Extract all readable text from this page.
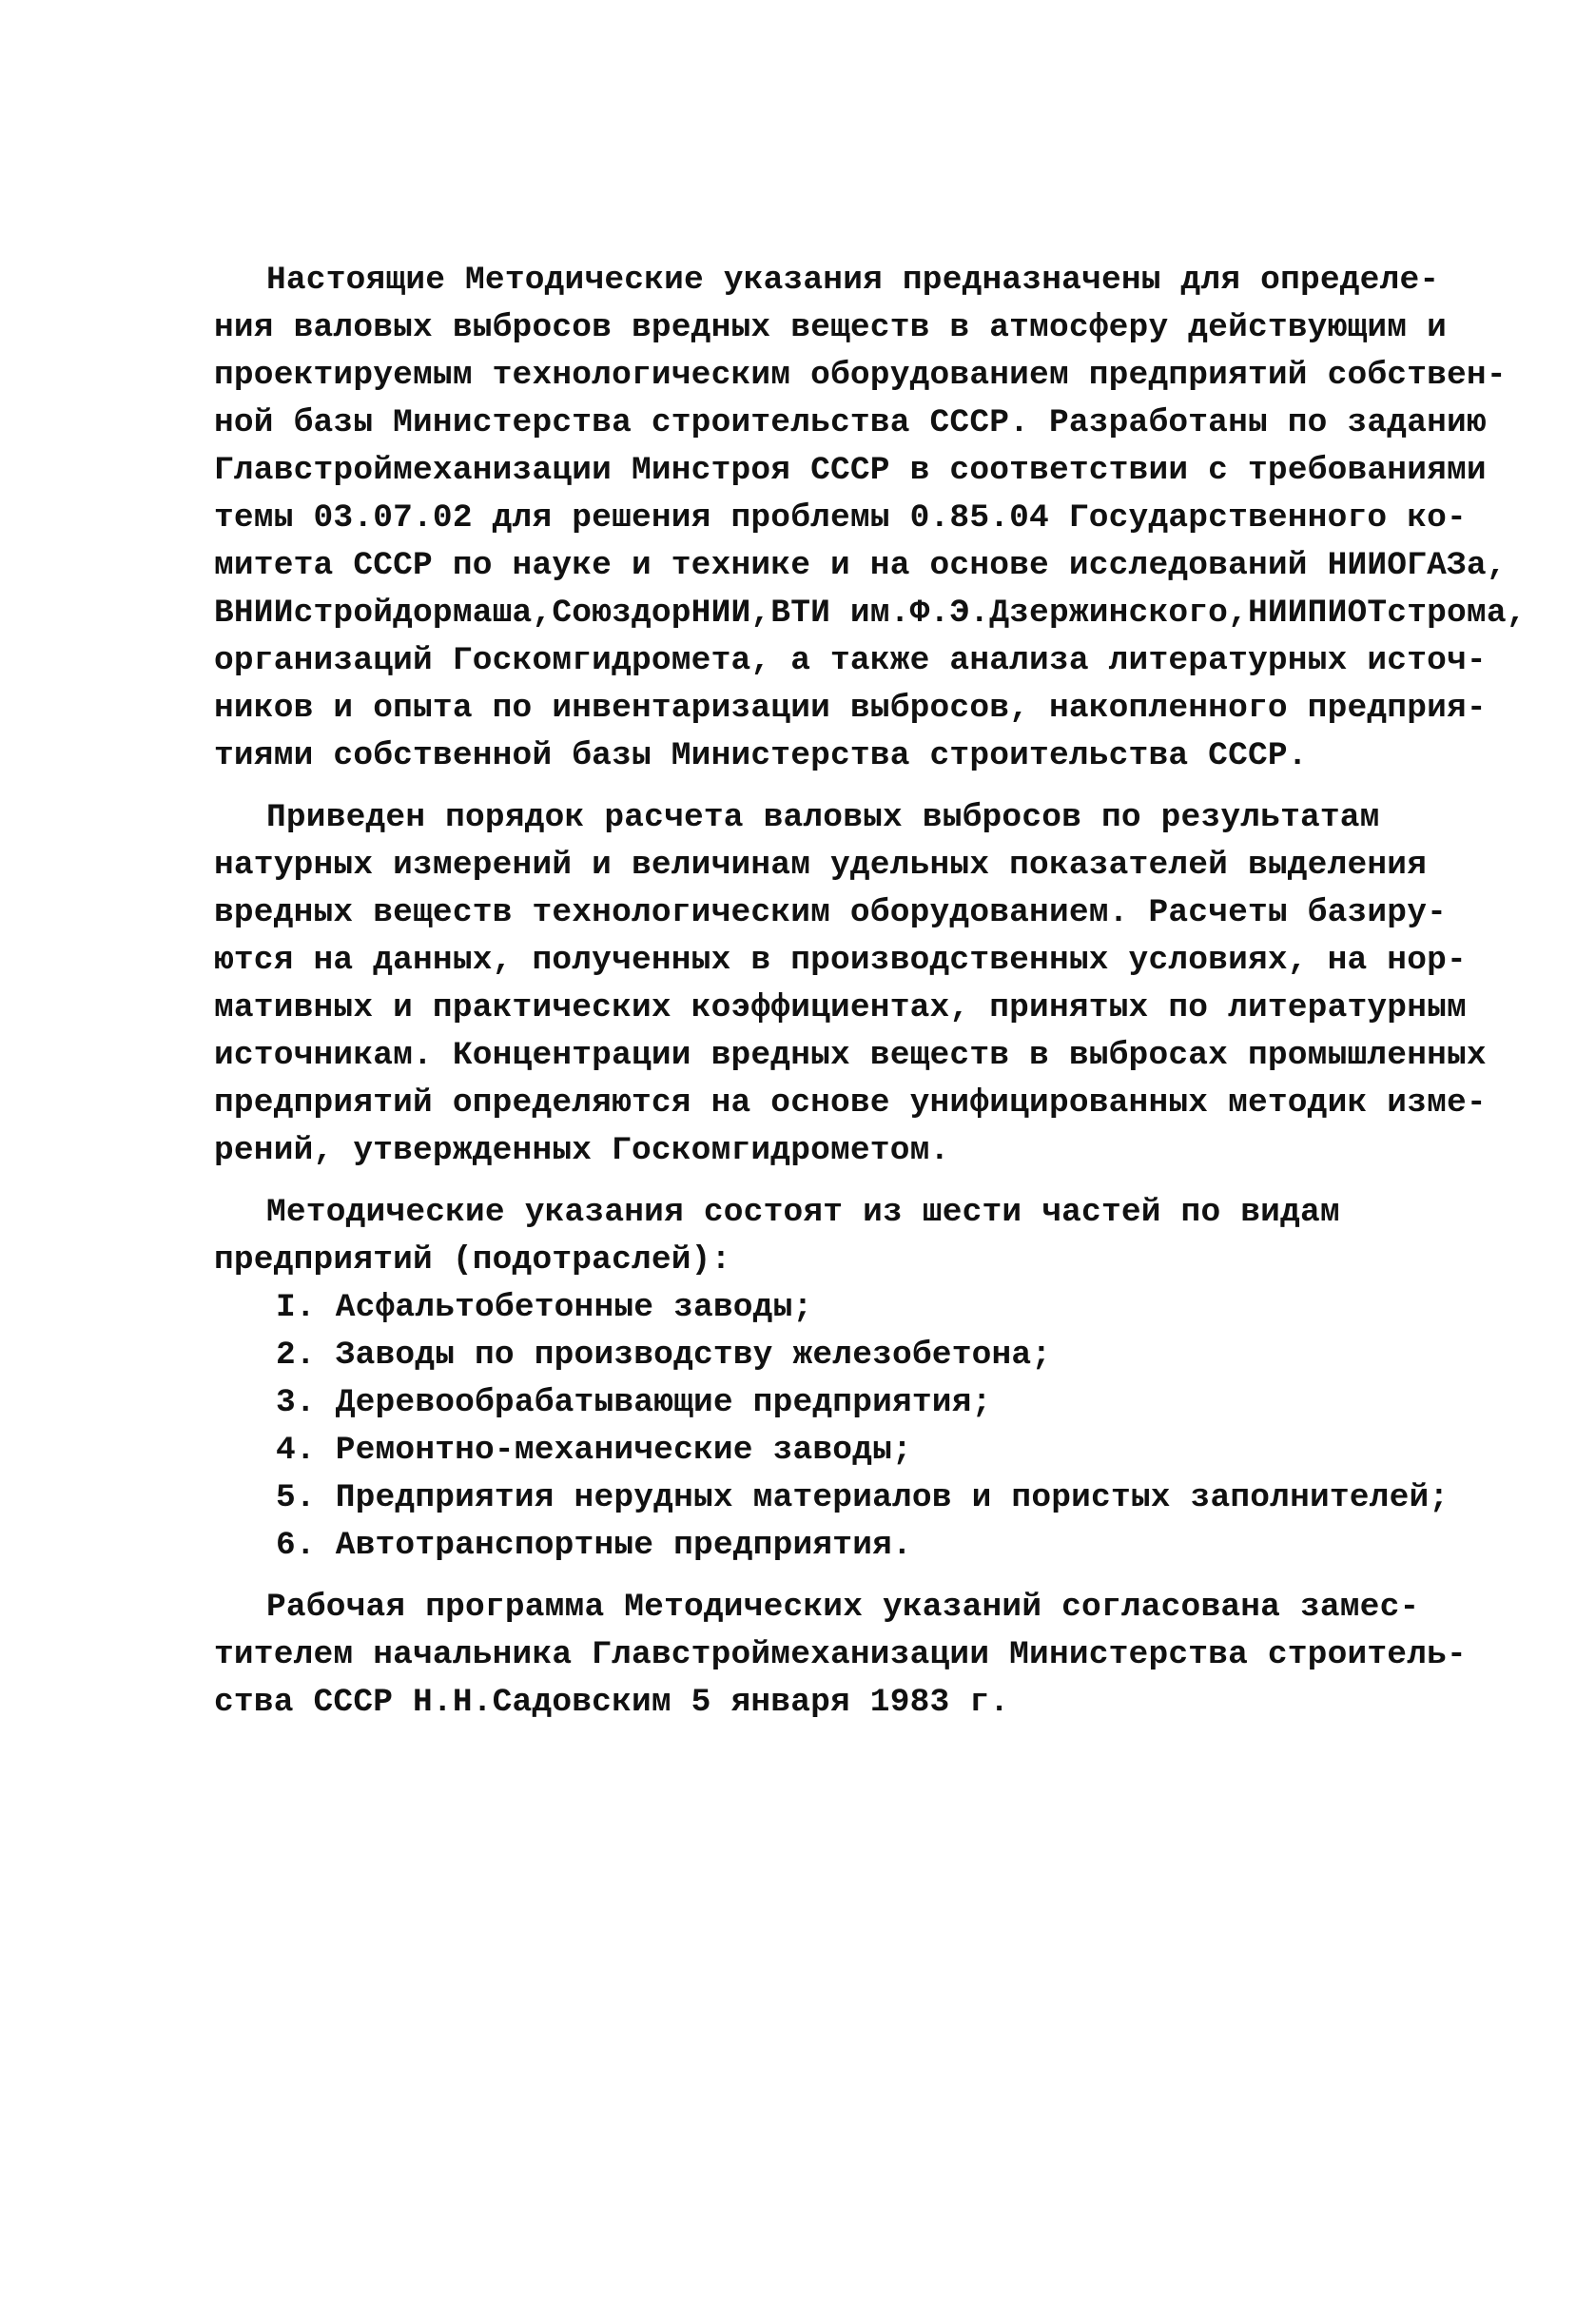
Настоящие Методические указания предназначены для определе-
ния валовых выбросов вредных веществ в атмосферу действующим и
проектируемым технологическим оборудованием предприятий собствен-
ной базы Министерства строительства СССР. Разработаны по заданию
Главстроймеханизации Минстроя СССР в соответствии с требованиями
темы 03.07.02 для решения проблемы 0.85.04 Государственного ко-
митета СССР по науке и технике и на основе исследований НИИОГАЗа,
ВНИИстройдормаша,СоюздорНИИ,ВТИ им.Ф.Э.Дзержинского,НИИПИОТстрома,
организаций Госкомгидромета, а также анализа литературных источ-
ников и опыта по инвентаризации выбросов, накопленного предприя-
тиями собственной базы Министерства строительства СССР.
Приведен порядок расчета валовых выбросов по результатам
натурных измерений и величинам удельных показателей выделения
вредных веществ технологическим оборудованием. Расчеты базиру-
ются на данных, полученных в производственных условиях, на нор-
мативных и практических коэффициентах, принятых по литературным
источникам. Концентрации вредных веществ в выбросах промышленных
предприятий определяются на основе унифицированных методик изме-
рений, утвержденных Госкомгидрометом.
Методические указания состоят из шести частей по видам
предприятий (подотраслей):
I. Асфальтобетонные заводы;
2. Заводы по производству железобетона;
3. Деревообрабатывающие предприятия;
4. Ремонтно-механические заводы;
5. Предприятия нерудных материалов и пористых заполнителей;
6. Автотранспортные предприятия.
Рабочая программа Методических указаний согласована замес-
тителем начальника Главстроймеханизации Министерства строитель-
ства СССР Н.Н.Садовским 5 января 1983 г.
